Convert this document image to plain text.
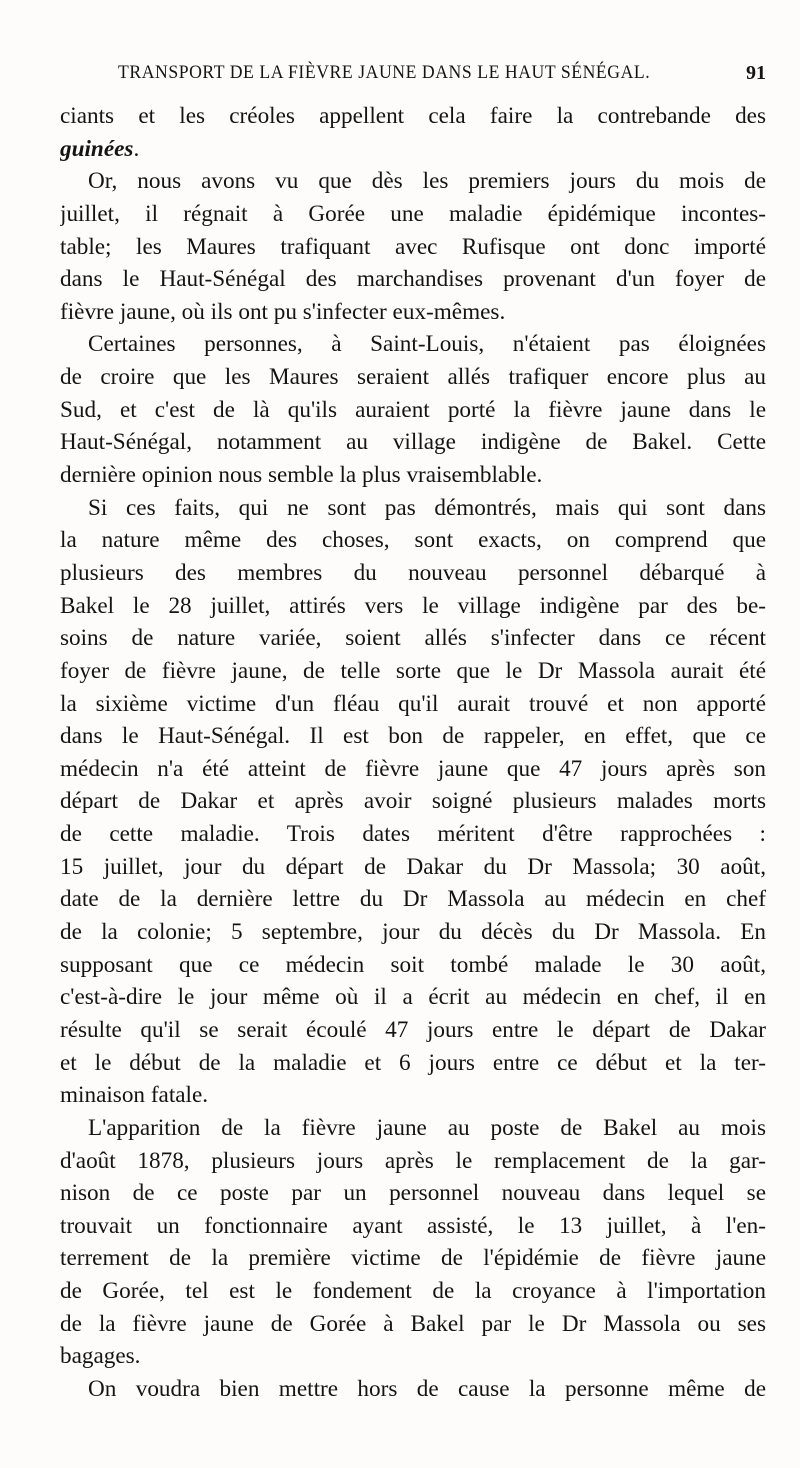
TRANSPORT DE LA FIÈVRE JAUNE DANS LE HAUT SÉNÉGAL.	91
ciants et les créoles appellent cela faire la contrebande des
guinées.
Or, nous avons vu que dès les premiers jours du mois de
juillet, il régnait à Gorée une maladie épidémique incontes-
table; les Maures trafiquant avec Rufisque ont donc importé
dans le Haut-Sénégal des marchandises provenant d'un foyer de
fièvre jaune, où ils ont pu s'infecter eux-mêmes.
Certaines personnes, à Saint-Louis, n'étaient pas éloignées
de croire que les Maures seraient allés trafiquer encore plus au
Sud, et c'est de là qu'ils auraient porté la fièvre jaune dans le
Haut-Sénégal, notamment au village indigène de Bakel. Cette
dernière opinion nous semble la plus vraisemblable.
Si ces faits, qui ne sont pas démontrés, mais qui sont dans
la nature même des choses, sont exacts, on comprend que
plusieurs des membres du nouveau personnel débarqué à
Bakel le 28 juillet, attirés vers le village indigène par des be-
soins de nature variée, soient allés s'infecter dans ce récent
foyer de fièvre jaune, de telle sorte que le Dr Massola aurait été
la sixième victime d'un fléau qu'il aurait trouvé et non apporté
dans le Haut-Sénégal. Il est bon de rappeler, en effet, que ce
médecin n'a été atteint de fièvre jaune que 47 jours après son
départ de Dakar et après avoir soigné plusieurs malades morts
de cette maladie. Trois dates méritent d'être rapprochées :
15 juillet, jour du départ de Dakar du Dr Massola; 30 août,
date de la dernière lettre du Dr Massola au médecin en chef
de la colonie; 5 septembre, jour du décès du Dr Massola. En
supposant que ce médecin soit tombé malade le 30 août,
c'est-à-dire le jour même où il a écrit au médecin en chef, il en
résulte qu'il se serait écoulé 47 jours entre le départ de Dakar
et le début de la maladie et 6 jours entre ce début et la ter-
minaison fatale.
L'apparition de la fièvre jaune au poste de Bakel au mois
d'août 1878, plusieurs jours après le remplacement de la gar-
nison de ce poste par un personnel nouveau dans lequel se
trouvait un fonctionnaire ayant assisté, le 13 juillet, à l'en-
terrement de la première victime de l'épidémie de fièvre jaune
de Gorée, tel est le fondement de la croyance à l'importation
de la fièvre jaune de Gorée à Bakel par le Dr Massola ou ses
bagages.
On voudra bien mettre hors de cause la personne même de
